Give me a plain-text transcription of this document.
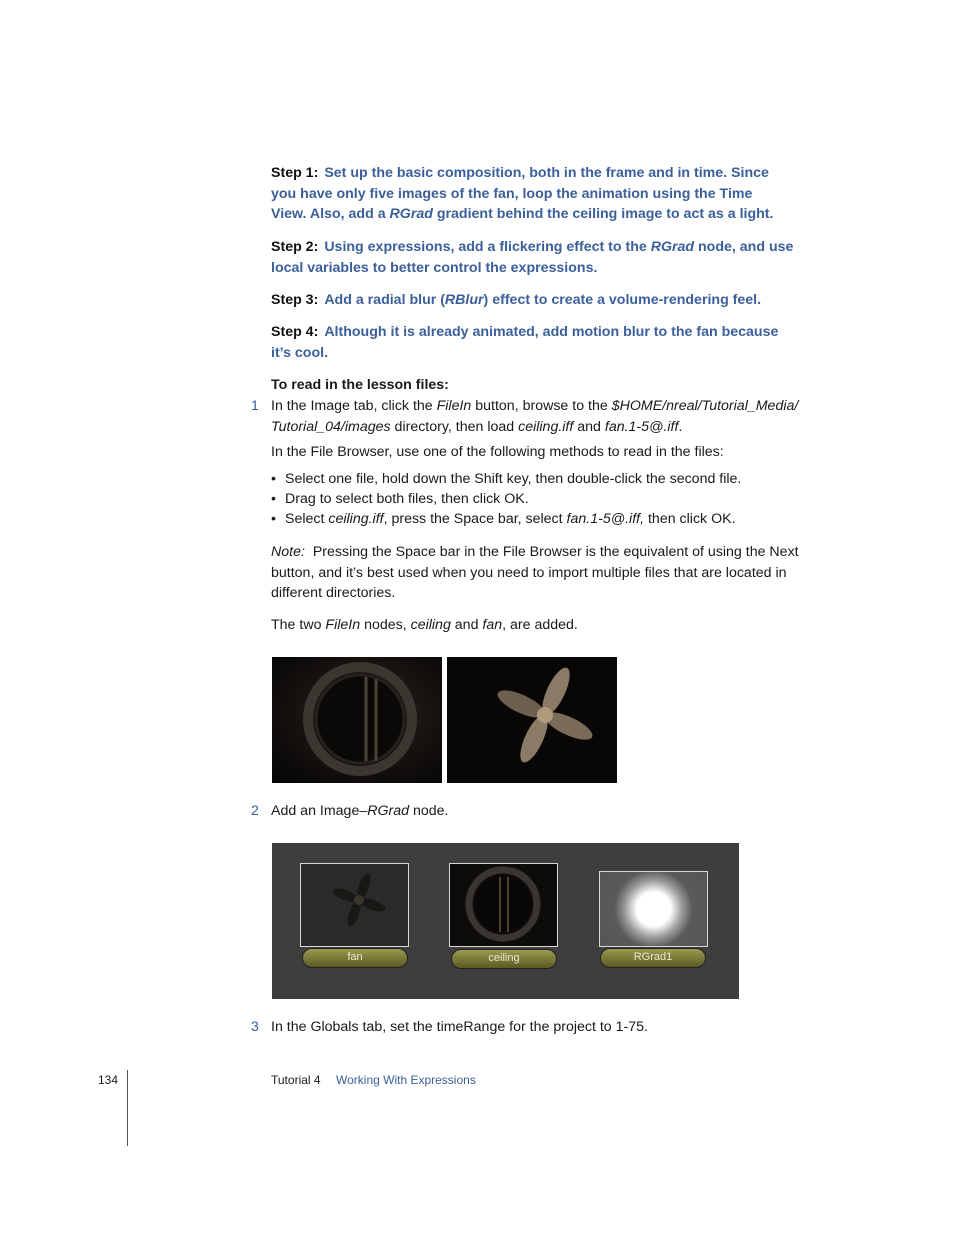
Step 1: Set up the basic composition, both in the frame and in time. Since
you have only five images of the fan, loop the animation using the Time
View. Also, add a RGrad gradient behind the ceiling image to act as a light.
Step 2: Using expressions, add a flickering effect to the RGrad node, and use
local variables to better control the expressions.
Step 3: Add a radial blur (RBlur) effect to create a volume-rendering feel.
Step 4: Although it is already animated, add motion blur to the fan because
it’s cool.
To read in the lesson files:
1 In the Image tab, click the FileIn button, browse to the $HOME/nreal/Tutorial_Media/
Tutorial_04/images directory, then load ceiling.iff and fan.1-5@.iff.
In the File Browser, use one of the following methods to read in the files:
• Select one file, hold down the Shift key, then double-click the second file.
• Drag to select both files, then click OK.
• Select ceiling.iff, press the Space bar, select fan.1-5@.iff, then click OK.
Note: Pressing the Space bar in the File Browser is the equivalent of using the Next
button, and it’s best used when you need to import multiple files that are located in
different directories.
The two FileIn nodes, ceiling and fan, are added.
2 Add an Image–RGrad node.
fan	ceiling	RGrad1
3 In the Globals tab, set the timeRange for the project to 1-75.
134	Tutorial 4 Working With Expressions
